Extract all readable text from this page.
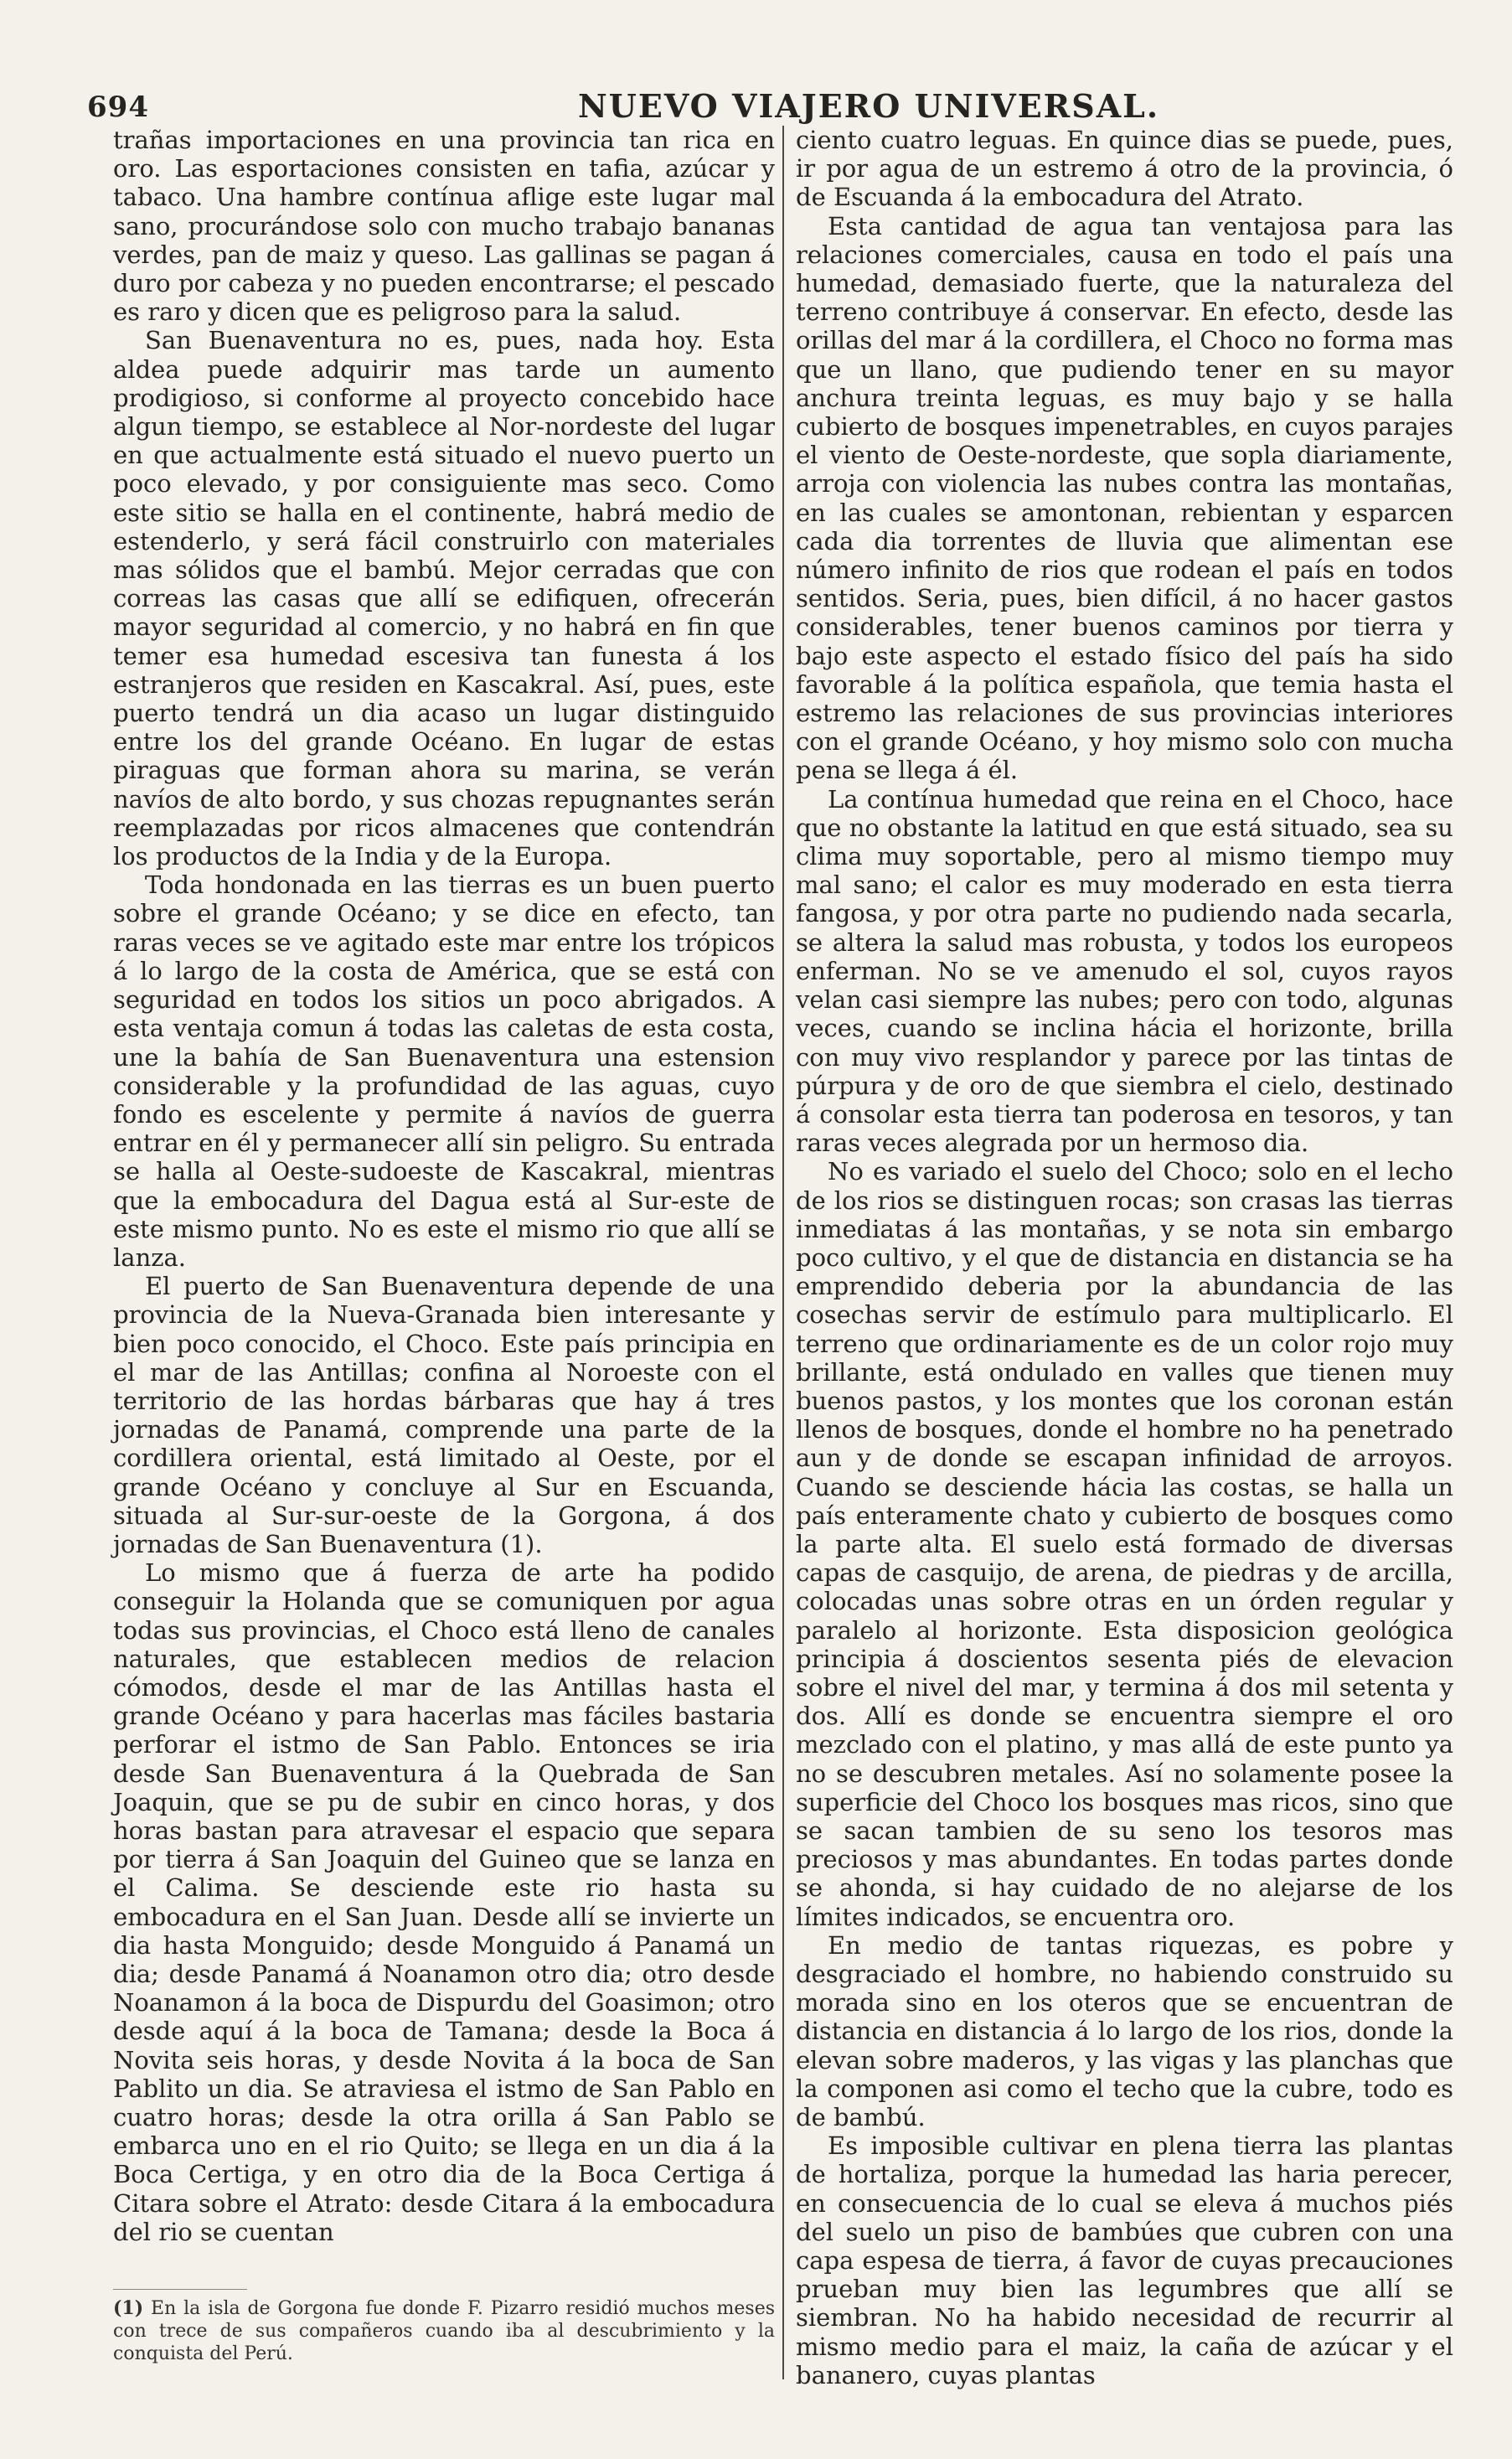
694	NUEVO VIAJERO UNIVERSAL.

trañas importaciones en una provincia tan rica en oro. Las esportaciones consisten en tafia, azúcar y tabaco. Una hambre contínua aflige este lugar mal sano, procurándose solo con mucho trabajo bananas verdes, pan de maiz y queso. Las gallinas se pagan á duro por cabeza y no pueden encontrarse; el pescado es raro y dicen que es peligroso para la salud.

San Buenaventura no es, pues, nada hoy. Esta aldea puede adquirir mas tarde un aumento prodigioso, si conforme al proyecto concebido hace algun tiempo, se establece al Nor-nordeste del lugar en que actualmente está situado el nuevo puerto un poco elevado, y por consiguiente mas seco. Como este sitio se halla en el continente, habrá medio de estenderlo, y será fácil construirlo con materiales mas sólidos que el bambú. Mejor cerradas que con correas las casas que allí se edifiquen, ofrecerán mayor seguridad al comercio, y no habrá en fin que temer esa humedad escesiva tan funesta á los estranjeros que residen en Kascakral. Así, pues, este puerto tendrá un dia acaso un lugar distinguido entre los del grande Océano. En lugar de estas piraguas que forman ahora su marina, se verán navíos de alto bordo, y sus chozas repugnantes serán reemplazadas por ricos almacenes que contendrán los productos de la India y de la Europa.

Toda hondonada en las tierras es un buen puerto sobre el grande Océano; y se dice en efecto, tan raras veces se ve agitado este mar entre los trópicos á lo largo de la costa de América, que se está con seguridad en todos los sitios un poco abrigados. A esta ventaja comun á todas las caletas de esta costa, une la bahía de San Buenaventura una estension considerable y la profundidad de las aguas, cuyo fondo es escelente y permite á navíos de guerra entrar en él y permanecer allí sin peligro. Su entrada se halla al Oeste-sudoeste de Kascakral, mientras que la embocadura del Dagua está al Sur-este de este mismo punto. No es este el mismo rio que allí se lanza.

El puerto de San Buenaventura depende de una provincia de la Nueva-Granada bien interesante y bien poco conocido, el Choco. Este país principia en el mar de las Antillas; confina al Noroeste con el territorio de las hordas bárbaras que hay á tres jornadas de Panamá, comprende una parte de la cordillera oriental, está limitado al Oeste, por el grande Océano y concluye al Sur en Escuanda, situada al Sur-sur-oeste de la Gorgona, á dos jornadas de San Buenaventura (1).

Lo mismo que á fuerza de arte ha podido conseguir la Holanda que se comuniquen por agua todas sus provincias, el Choco está lleno de canales naturales, que establecen medios de relacion cómodos, desde el mar de las Antillas hasta el grande Océano y para hacerlas mas fáciles bastaria perforar el istmo de San Pablo. Entonces se iria desde San Buenaventura á la Quebrada de San Joaquin, que se pu de subir en cinco horas, y dos horas bastan para atravesar el espacio que separa por tierra á San Joaquin del Guineo que se lanza en el Calima. Se desciende este rio hasta su embocadura en el San Juan. Desde allí se invierte un dia hasta Monguido; desde Monguido á Panamá un dia; desde Panamá á Noanamon otro dia; otro desde Noanamon á la boca de Dispurdu del Goasimon; otro desde aquí á la boca de Tamana; desde la Boca á Novita seis horas, y desde Novita á la boca de San Pablito un dia. Se atraviesa el istmo de San Pablo en cuatro horas; desde la otra orilla á San Pablo se embarca uno en el rio Quito; se llega en un dia á la Boca Certiga, y en otro dia de la Boca Certiga á Citara sobre el Atrato: desde Citara á la embocadura del rio se cuentan

ciento cuatro leguas. En quince dias se puede, pues, ir por agua de un estremo á otro de la provincia, ó de Escuanda á la embocadura del Atrato.

Esta cantidad de agua tan ventajosa para las relaciones comerciales, causa en todo el país una humedad, demasiado fuerte, que la naturaleza del terreno contribuye á conservar. En efecto, desde las orillas del mar á la cordillera, el Choco no forma mas que un llano, que pudiendo tener en su mayor anchura treinta leguas, es muy bajo y se halla cubierto de bosques impenetrables, en cuyos parajes el viento de Oeste-nordeste, que sopla diariamente, arroja con violencia las nubes contra las montañas, en las cuales se amontonan, rebientan y esparcen cada dia torrentes de lluvia que alimentan ese número infinito de rios que rodean el país en todos sentidos. Seria, pues, bien difícil, á no hacer gastos considerables, tener buenos caminos por tierra y bajo este aspecto el estado físico del país ha sido favorable á la política española, que temia hasta el estremo las relaciones de sus provincias interiores con el grande Océano, y hoy mismo solo con mucha pena se llega á él.

La contínua humedad que reina en el Choco, hace que no obstante la latitud en que está situado, sea su clima muy soportable, pero al mismo tiempo muy mal sano; el calor es muy moderado en esta tierra fangosa, y por otra parte no pudiendo nada secarla, se altera la salud mas robusta, y todos los europeos enferman. No se ve amenudo el sol, cuyos rayos velan casi siempre las nubes; pero con todo, algunas veces, cuando se inclina hácia el horizonte, brilla con muy vivo resplandor y parece por las tintas de púrpura y de oro de que siembra el cielo, destinado á consolar esta tierra tan poderosa en tesoros, y tan raras veces alegrada por un hermoso dia.

No es variado el suelo del Choco; solo en el lecho de los rios se distinguen rocas; son crasas las tierras inmediatas á las montañas, y se nota sin embargo poco cultivo, y el que de distancia en distancia se ha emprendido deberia por la abundancia de las cosechas servir de estímulo para multiplicarlo. El terreno que ordinariamente es de un color rojo muy brillante, está ondulado en valles que tienen muy buenos pastos, y los montes que los coronan están llenos de bosques, donde el hombre no ha penetrado aun y de donde se escapan infinidad de arroyos. Cuando se desciende hácia las costas, se halla un país enteramente chato y cubierto de bosques como la parte alta. El suelo está formado de diversas capas de casquijo, de arena, de piedras y de arcilla, colocadas unas sobre otras en un órden regular y paralelo al horizonte. Esta disposicion geológica principia á doscientos sesenta piés de elevacion sobre el nivel del mar, y termina á dos mil setenta y dos. Allí es donde se encuentra siempre el oro mezclado con el platino, y mas allá de este punto ya no se descubren metales. Así no solamente posee la superficie del Choco los bosques mas ricos, sino que se sacan tambien de su seno los tesoros mas preciosos y mas abundantes. En todas partes donde se ahonda, si hay cuidado de no alejarse de los límites indicados, se encuentra oro.

En medio de tantas riquezas, es pobre y desgraciado el hombre, no habiendo construido su morada sino en los oteros que se encuentran de distancia en distancia á lo largo de los rios, donde la elevan sobre maderos, y las vigas y las planchas que la componen asi como el techo que la cubre, todo es de bambú.

Es imposible cultivar en plena tierra las plantas de hortaliza, porque la humedad las haria perecer, en consecuencia de lo cual se eleva á muchos piés del suelo un piso de bambúes que cubren con una capa espesa de tierra, á favor de cuyas precauciones prueban muy bien las legumbres que allí se siembran. No ha habido necesidad de recurrir al mismo medio para el maiz, la caña de azúcar y el bananero, cuyas plantas

(1) En la isla de Gorgona fue donde F. Pizarro residió muchos meses con trece de sus compañeros cuando iba al descubrimiento y la conquista del Perú.
